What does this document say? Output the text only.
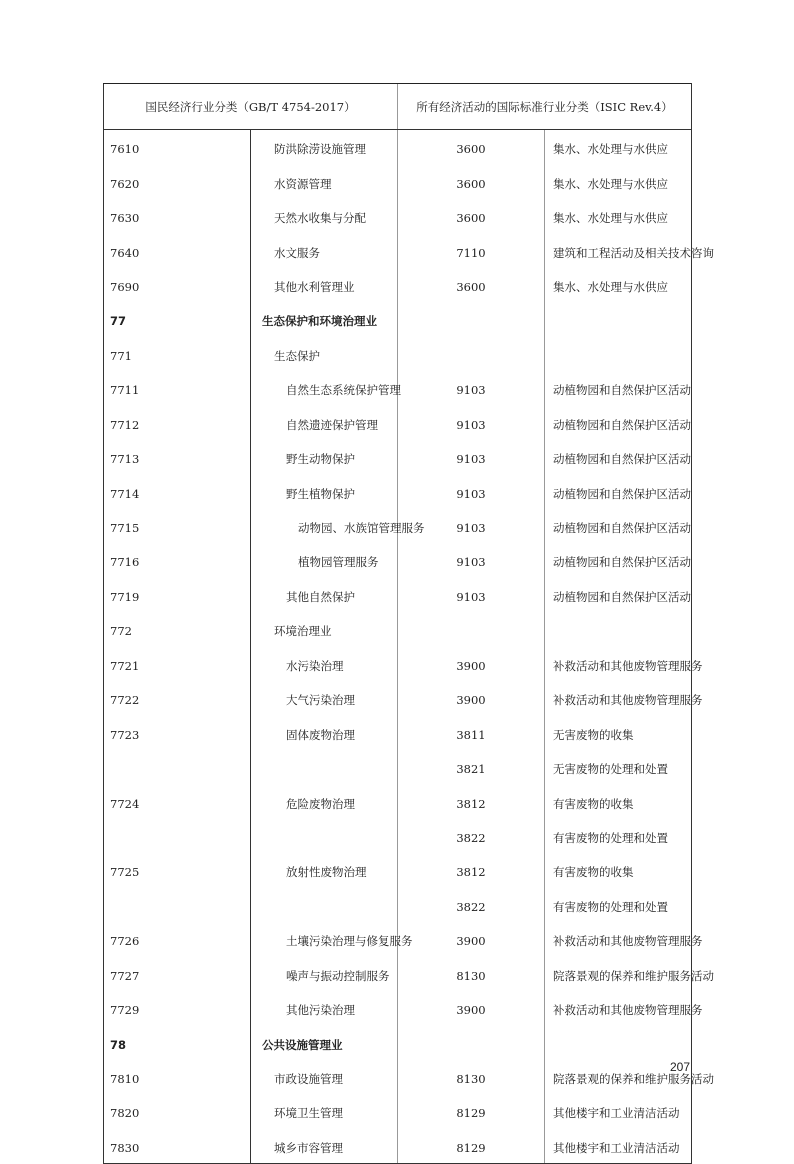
国民经济行业分类（GB/T 4754-2017）		所有经济活动的国际标准行业分类（ISIC Rev.4）	
7610	防洪除涝设施管理	3600	集水、水处理与水供应
7620	水资源管理	3600	集水、水处理与水供应
7630	天然水收集与分配	3600	集水、水处理与水供应
7640	水文服务	7110	建筑和工程活动及相关技术咨询
7690	其他水利管理业	3600	集水、水处理与水供应
77	生态保护和环境治理业		
771	生态保护		
7711	自然生态系统保护管理	9103	动植物园和自然保护区活动
7712	自然遗迹保护管理	9103	动植物园和自然保护区活动
7713	野生动物保护	9103	动植物园和自然保护区活动
7714	野生植物保护	9103	动植物园和自然保护区活动
7715	动物园、水族馆管理服务	9103	动植物园和自然保护区活动
7716	植物园管理服务	9103	动植物园和自然保护区活动
7719	其他自然保护	9103	动植物园和自然保护区活动
772	环境治理业		
7721	水污染治理	3900	补救活动和其他废物管理服务
7722	大气污染治理	3900	补救活动和其他废物管理服务
7723	固体废物治理	3811	无害废物的收集
		3821	无害废物的处理和处置
7724	危险废物治理	3812	有害废物的收集
		3822	有害废物的处理和处置
7725	放射性废物治理	3812	有害废物的收集
		3822	有害废物的处理和处置
7726	土壤污染治理与修复服务	3900	补救活动和其他废物管理服务
7727	噪声与振动控制服务	8130	院落景观的保养和维护服务活动
7729	其他污染治理	3900	补救活动和其他废物管理服务
78	公共设施管理业		
7810	市政设施管理	8130	院落景观的保养和维护服务活动
7820	环境卫生管理	8129	其他楼宇和工业清洁活动
7830	城乡市容管理	8129	其他楼宇和工业清洁活动
207
